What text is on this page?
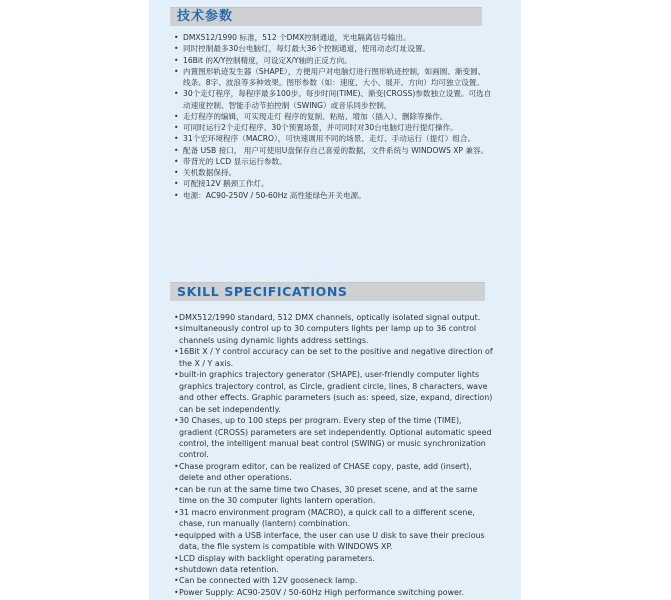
技术参数
• DMX512/1990 标准，512 个DMX控制通道，光电隔离信号输出。
• 同时控制最多30台电脑灯，每灯最大36个控制通道，使用动态灯址设置。
• 16Bit 的X/Y控制精度，可设定X/Y轴的正反方向。
• 内置图形轨迹发生器（SHAPE），方便用户对电脑灯进行图形轨迹控制，如画圆、渐变圆、线条、8字、波浪等多种效果。图形参数（如：速度、大小、展开、方向）均可独立设置。
• 30个走灯程序，每程序最多100步。每步时间(TIME)、渐变(CROSS)参数独立设置。可选自动速度控制、智能手动节拍控制（SWING）或音乐同步控制。
• 走灯程序的编辑，可实现走灯 程序的复制、粘贴、增加（插入）、删除等操作。
• 可同时运行2个走灯程序、30个预置场景，并可同时对30台电脑灯进行提灯操作。
• 31个宏环境程序（MACRO），可快速调用不同的场景、走灯、手动运行（提灯）组合。
• 配备 USB 接口， 用户可使用U盘保存自己喜爱的数据，文件系统与 WINDOWS XP 兼容。
• 带背光的 LCD 显示运行参数。
• 关机数据保持。
• 可配接12V 鹅颈工作灯。
• 电源：AC90-250V / 50-60Hz 高性能绿色开关电源。
SKILL SPECIFICATIONS
• DMX512/1990 standard, 512 DMX channels, optically isolated signal output.
• simultaneously control up to 30 computers lights per lamp up to 36 control channels using dynamic lights address settings.
• 16Bit X / Y control accuracy can be set to the positive and negative direction of the X / Y axis.
• built-in graphics trajectory generator (SHAPE), user-friendly computer lights graphics trajectory control, as Circle, gradient circle, lines, 8 characters, wave and other effects. Graphic parameters (such as: speed, size, expand, direction) can be set independently.
• 30 Chases, up to 100 steps per program. Every step of the time (TIME), gradient (CROSS) parameters are set independently. Optional automatic speed control, the intelligent manual beat control (SWING) or music synchronization control.
• Chase program editor, can be realized of CHASE copy, paste, add (insert), delete and other operations.
• can be run at the same time two Chases, 30 preset scene, and at the same time on the 30 computer lights lantern operation.
• 31 macro environment program (MACRO), a quick call to a different scene, chase, run manually (lantern) combination.
• equipped with a USB interface, the user can use U disk to save their precious data, the file system is compatible with WINDOWS XP.
• LCD display with backlight operating parameters.
• shutdown data retention.
• Can be connected with 12V gooseneck lamp.
• Power Supply: AC90-250V / 50-60Hz High performance switching power.
